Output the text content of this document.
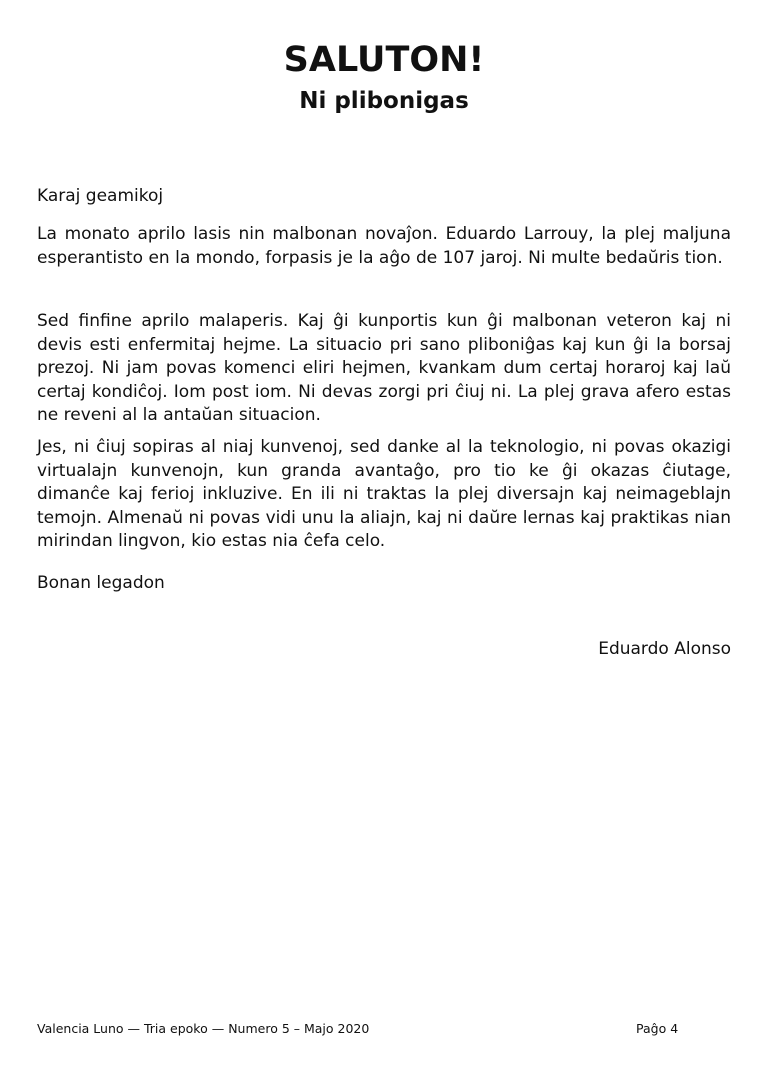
SALUTON!
Ni plibonigas

Karaj geamikoj

La monato aprilo lasis nin malbonan novaĵon. Eduardo Larrouy, la plej maljuna esperantisto en la mondo, forpasis je la aĝo de 107 jaroj. Ni multe bedaŭris tion.

Sed finfine aprilo malaperis. Kaj ĝi kunportis kun ĝi malbonan veteron kaj ni devis esti enfermitaj hejme. La situacio pri sano pliboniĝas kaj kun ĝi la borsaj prezoj. Ni jam povas komenci eliri hejmen, kvankam dum certaj horaroj kaj laŭ certaj kondiĉoj. Iom post iom. Ni devas zorgi pri ĉiuj ni. La plej grava afero estas ne reveni al la antaŭan situacion.

Jes, ni ĉiuj sopiras al niaj kunvenoj, sed danke al la teknologio, ni povas okazigi virtualajn kunvenojn, kun granda avantaĝo, pro tio ke ĝi okazas ĉiutage, dimanĉe kaj ferioj inkluzive. En ili ni traktas la plej diversajn kaj neimageblajn temojn. Almenaŭ ni povas vidi unu la aliajn, kaj ni daŭre lernas kaj praktikas nian mirindan lingvon, kio estas nia ĉefa celo.

Bonan legadon

Eduardo Alonso

Valencia Luno — Tria epoko — Numero 5 – Majo 2020	Paĝo 4
